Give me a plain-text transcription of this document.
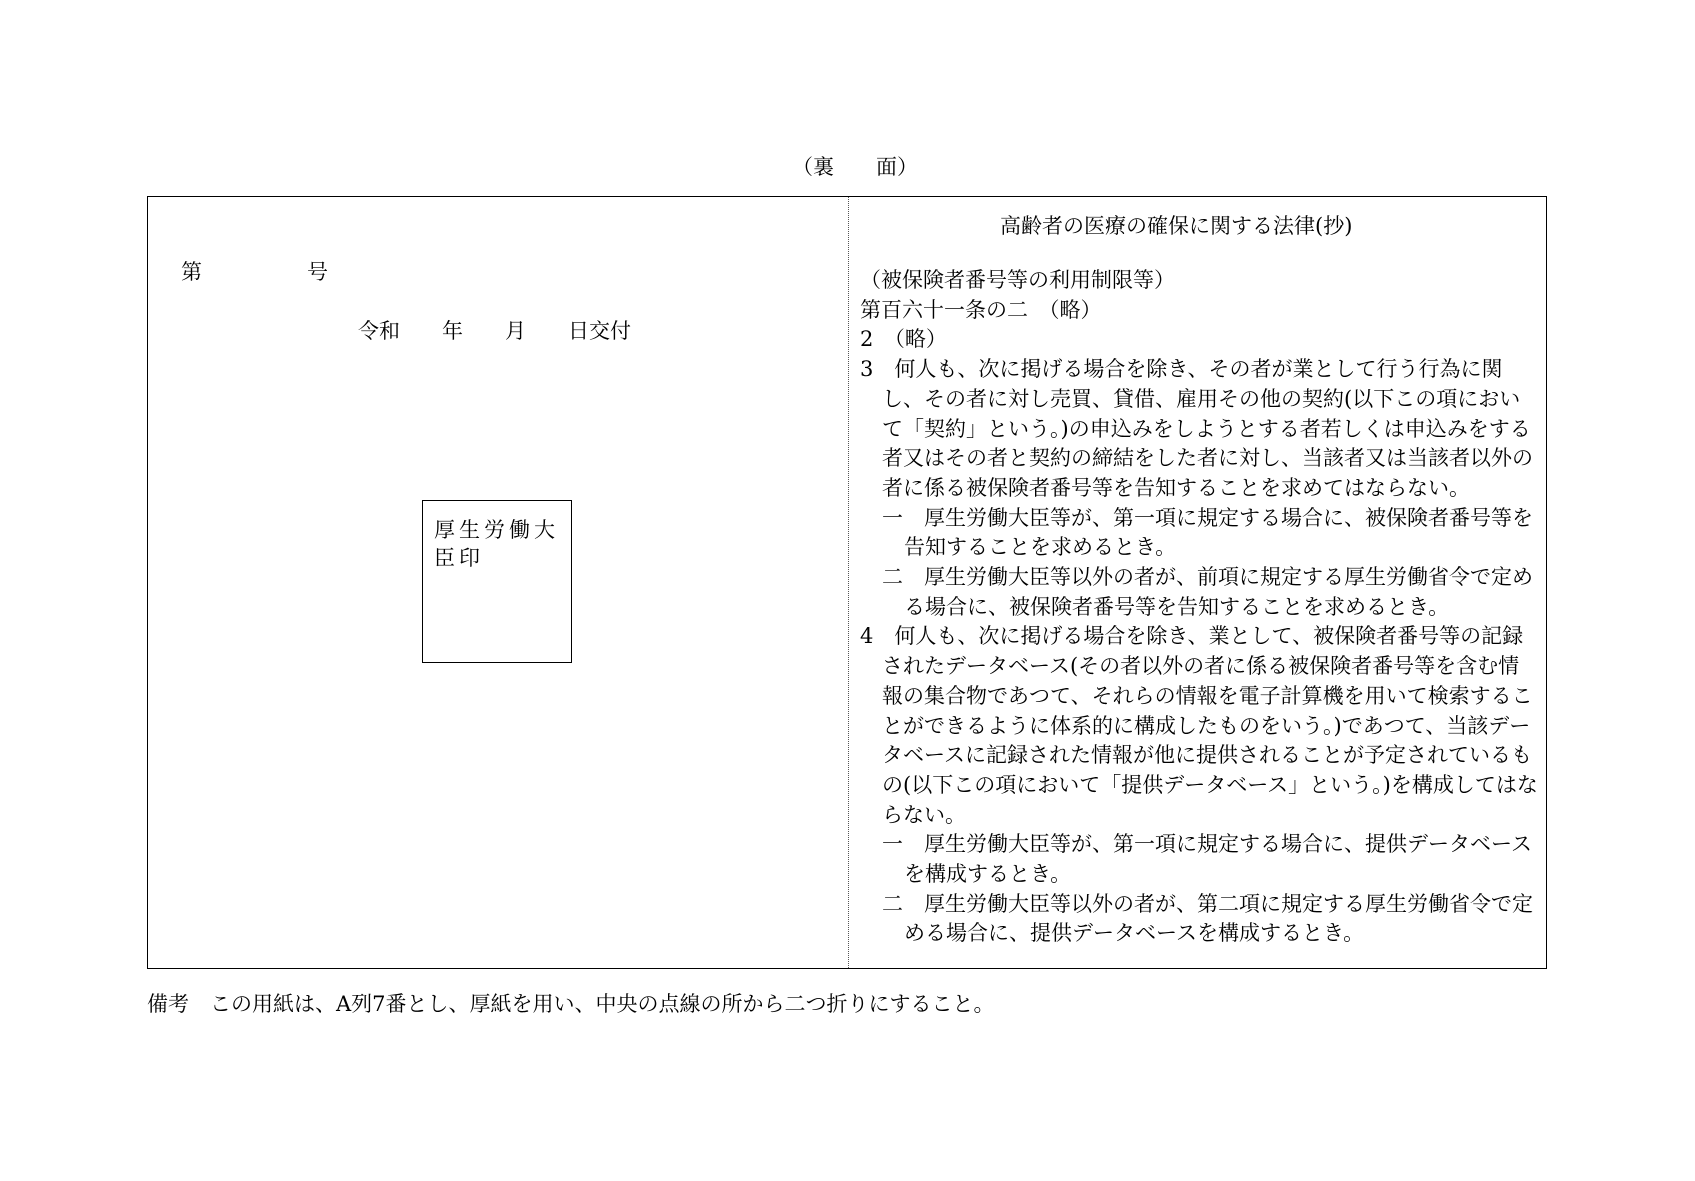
（裏　　面）
第　　　　　号
令和　　年　　月　　日交付
厚生労働大臣印
高齢者の医療の確保に関する法律(抄)

（被保険者番号等の利用制限等）

第百六十一条の二　（略）

2　（略）

3　何人も、次に掲げる場合を除き、その者が業として行う行為に関し、その者に対し売買、貸借、雇用その他の契約(以下この項において「契約」という。)の申込みをしようとする者若しくは申込みをする者又はその者と契約の締結をした者に対し、当該者又は当該者以外の者に係る被保険者番号等を告知することを求めてはならない。

一　厚生労働大臣等が、第一項に規定する場合に、被保険者番号等を告知することを求めるとき。

二　厚生労働大臣等以外の者が、前項に規定する厚生労働省令で定める場合に、被保険者番号等を告知することを求めるとき。

4　何人も、次に掲げる場合を除き、業として、被保険者番号等の記録されたデータベース(その者以外の者に係る被保険者番号等を含む情報の集合物であつて、それらの情報を電子計算機を用いて検索することができるように体系的に構成したものをいう。)であつて、当該データベースに記録された情報が他に提供されることが予定されているもの(以下この項において「提供データベース」という。)を構成してはならない。

一　厚生労働大臣等が、第一項に規定する場合に、提供データベースを構成するとき。

二　厚生労働大臣等以外の者が、第二項に規定する厚生労働省令で定める場合に、提供データベースを構成するとき。

備考　この用紙は、A列7番とし、厚紙を用い、中央の点線の所から二つ折りにすること。
